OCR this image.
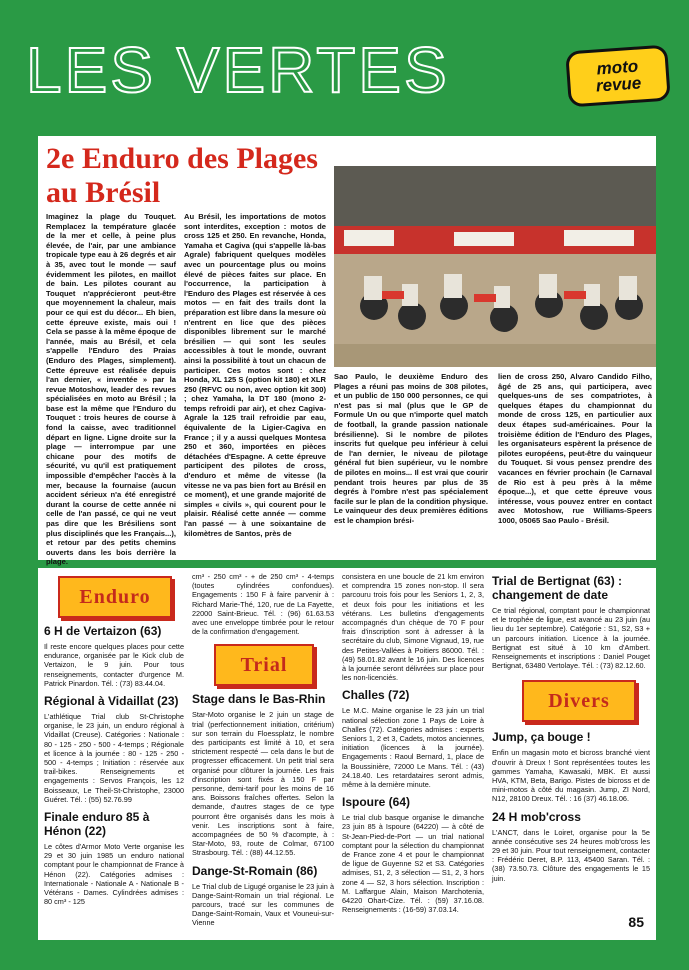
LES VERTES	moto
revue
2e Enduro des Plages au Brésil

Imaginez la plage du Touquet. Remplacez la température glacée de la mer et celle, à peine plus élevée, de l'air, par une ambiance tropicale type eau à 26 degrés et air à 35, avec tout le monde — sauf évidemment les pilotes, en maillot de bain. Les pilotes courant au Touquet n'apprécieront peut-être que moyennement la chaleur, mais pour ce qui est du décor... Eh bien, cette épreuve existe, mais oui ! Cela se passe à la même époque de l'année, mais au Brésil, et cela s'appelle l'Enduro des Praias (Enduro des Plages, simplement). Cette épreuve est réalisée depuis l'an dernier, « inventée » par la revue Motoshow, leader des revues spécialisées en moto au Brésil ; la base est la même que l'Enduro du Touquet : trois heures de course à fond la caisse, avec traditionnel départ en ligne. Ligne droite sur la plage — interrompue par une chicane pour des motifs de sécurité, vu qu'il est pratiquement impossible d'empêcher l'accès à la mer, because la fournaise (aucun accident sérieux n'a été enregistré durant la course de cette année ni celle de l'an passé, ce qui ne veut pas dire que les Brésiliens sont plus disciplinés que les Français...), et retour par des petits chemins ouverts dans les bois derrière la plage.

Au Brésil, les importations de motos sont interdites, exception : motos de cross 125 et 250. En revanche, Honda, Yamaha et Cagiva (qui s'appelle là-bas Agrale) fabriquent quelques modèles avec un pourcentage plus ou moins élevé de pièces faites sur place. En l'occurrence, la participation à l'Enduro des Plages est réservée à ces motos — en fait des trails dont la préparation est libre dans la mesure où n'entrent en lice que des pièces disponibles librement sur le marché brésilien — qui sont les seules accessibles à tout le monde, ouvrant ainsi la possibilité à tout un chacun de participer. Ces motos sont : chez Honda, XL 125 S (option kit 180) et XLR 250 (RFVC ou non, avec option kit 300) ; chez Yamaha, la DT 180 (mono 2-temps refroidi par air), et chez Cagiva-Agrale la 125 trail refroidie par eau, équivalente de la Ligier-Cagiva en France ; il y a aussi quelques Montesa 250 et 360, importées en pièces détachées d'Espagne. A cette épreuve participent des pilotes de cross, d'enduro et même de vitesse (la vitesse ne va pas bien fort au Brésil en ce moment), et une grande majorité de simples « civils », qui courent pour le plaisir. Réalisé cette année — comme l'an passé — à une soixantaine de kilomètres de Santos, près de

Sao Paulo, le deuxième Enduro des Plages a réuni pas moins de 308 pilotes, et un public de 150 000 personnes, ce qui n'est pas si mal (plus que le GP de Formule Un ou que n'importe quel match de football, la grande passion nationale brésilienne). Si le nombre de pilotes inscrits fut quelque peu inférieur à celui de l'an dernier, le niveau de pilotage général fut bien supérieur, vu le nombre de pilotes en moins... Il est vrai que courir pendant trois heures par plus de 35 degrés à l'ombre n'est pas spécialement facile sur le plan de la condition physique. Le vainqueur des deux premières éditions est le champion brési-

lien de cross 250, Alvaro Candido Filho, âgé de 25 ans, qui participera, avec quelques-uns de ses compatriotes, à quelques étapes du championnat du monde de cross 125, en particulier aux deux étapes sud-américaines. Pour la troisième édition de l'Enduro des Plages, les organisateurs espèrent la présence de pilotes européens, peut-être du vainqueur du Touquet. Si vous pensez prendre des vacances en février prochain (le Carnaval de Rio est à peu près à la même époque...), et que cette épreuve vous intéresse, vous pouvez entrer en contact avec Motoshow, rue Williams-Speers 1000, 05065 Sao Paulo - Brésil.

Enduro
6 H de Vertaizon (63)

Il reste encore quelques places pour cette endurance, organisée par le Kick club de Vertaizon, le 9 juin. Pour tous renseignements, contacter d'urgence M. Patrick Pinardon. Tél. : (73) 83.44.04.

Régional à Vidaillat (23)

L'athlétique Trial club St-Christophe organise, le 23 juin, un enduro régional à Vidaillat (Creuse). Catégories : Nationale : 80 - 125 - 250 - 500 - 4-temps ; Régionale et licence à la journée : 80 - 125 - 250 - 500 - 4-temps ; Initiation : réservée aux trail-bikes. Renseignements et engagements : Servos François, les 12 Boisseaux, Le Theil-St-Christophe, 23000 Guéret. Tél. : (55) 52.76.99

Finale enduro 85 à Hénon (22)

Le côtes d'Armor Moto Verte organise les 29 et 30 juin 1985 un enduro national comptant pour le championnat de France à Hénon (22). Catégories admises : Internationale - Nationale A - Nationale B - Vétérans - Dames. Cylindrées admises : 80 cm³ - 125

cm³ - 250 cm³ - + de 250 cm³ - 4-temps (toutes cylindrées confondues). Engagements : 150 F à faire parvenir à : Richard Marie-Thé, 120, rue de La Fayette, 22000 Saint-Brieuc. Tél. : (96) 61.63.53 avec une enveloppe timbrée pour le retour de la confirmation d'engagement.

Trial
Stage dans le Bas-Rhin

Star-Moto organise le 2 juin un stage de trial (perfectionnement initiation, critérium) sur son terrain du Floessplatz, le nombre des participants est limité à 10, et sera strictement respecté — cela dans le but de progresser efficacement. Un petit trial sera organisé pour clôturer la journée. Les frais d'inscription sont fixés à 150 F par personne, demi-tarif pour les moins de 16 ans. Boissons fraîches offertes. Selon la demande, d'autres stages de ce type pourront être organisés dans les mois à venir. Les inscriptions sont à faire, accompagnées de 50 % d'acompte, à : Star-Moto, 93, route de Colmar, 67100 Strasbourg. Tél. : (88) 44.12.55.

Dange-St-Romain (86)

Le Trial club de Ligugé organise le 23 juin à Dange-Saint-Romain un trial régional. Le parcours, tracé sur les communes de Dange-Saint-Romain, Vaux et Vouneui-sur-Vienne

consistera en une boucle de 21 km environ et comprendra 15 zones non-stop. Il sera parcouru trois fois pour les Seniors 1, 2, 3, et deux fois pour les initiations et les vétérans. Les bulletins d'engagements accompagnés d'un chèque de 70 F pour frais d'inscription sont à adresser à la secrétaire du club, Simone Vignaud, 19, rue des Petites-Vallées à Poitiers 86000. Tél. : (49) 58.01.82 avant le 16 juin. Des licences à la journée seront délivrées sur place pour les non-licenciés.

Challes (72)

Le M.C. Maine organise le 23 juin un trial national sélection zone 1 Pays de Loire à Challes (72). Catégories admises : experts Seniors 1, 2 et 3, Cadets, motos anciennes, initiation (licences à la journée). Engagements : Raoul Bernard, 1, place de la Boussinière, 72000 Le Mans. Tél. : (43) 24.18.40. Les retardataires seront admis, même à la dernière minute.

Ispoure (64)

Le trial club basque organise le dimanche 23 juin 85 à Ispoure (64220) — à côté de St-Jean-Pied-de-Port — un trial national comptant pour la sélection du championnat de France zone 4 et pour le championnat de ligue de Guyenne S2 et S3. Catégories admises, S1, 2, 3 sélection — S1, 2, 3 hors zone 4 — S2, 3 hors sélection. Inscription : M. Laffargue Alain, Maison Marchotenia, 64220 Ohart-Cize. Tél. : (59) 37.16.08. Renseignements : (16-59) 37.03.14.

Trial de Bertignat (63) : changement de date

Ce trial régional, comptant pour le championnat et le trophée de ligue, est avancé au 23 juin (au lieu du 1er septembre). Catégorie : S1, S2, S3 + un parcours initiation. Licence à la journée. Bertignat est situé à 10 km d'Ambert. Renseignements et inscriptions : Daniel Pouget Bertignat, 63480 Vertolaye. Tél. : (73) 82.12.60.

Divers
Jump, ça bouge !

Enfin un magasin moto et bicross branché vient d'ouvrir à Dreux ! Sont représentées toutes les gammes Yamaha, Kawasaki, MBK. Et aussi HVA, KTM, Beta, Barigo. Pistes de bicross et de mini-motos à côté du magasin. Jump, ZI Nord, N12, 28100 Dreux. Tél. : 16 (37) 46.18.06.

24 H mob'cross

L'ANCT, dans le Loiret, organise pour la 5e année consécutive ses 24 heures mob'cross les 29 et 30 juin. Pour tout renseignement, contacter : Frédéric Deret, B.P. 113, 45400 Saran. Tél. : (38) 73.50.73. Clôture des engagements le 15 juin.

85
